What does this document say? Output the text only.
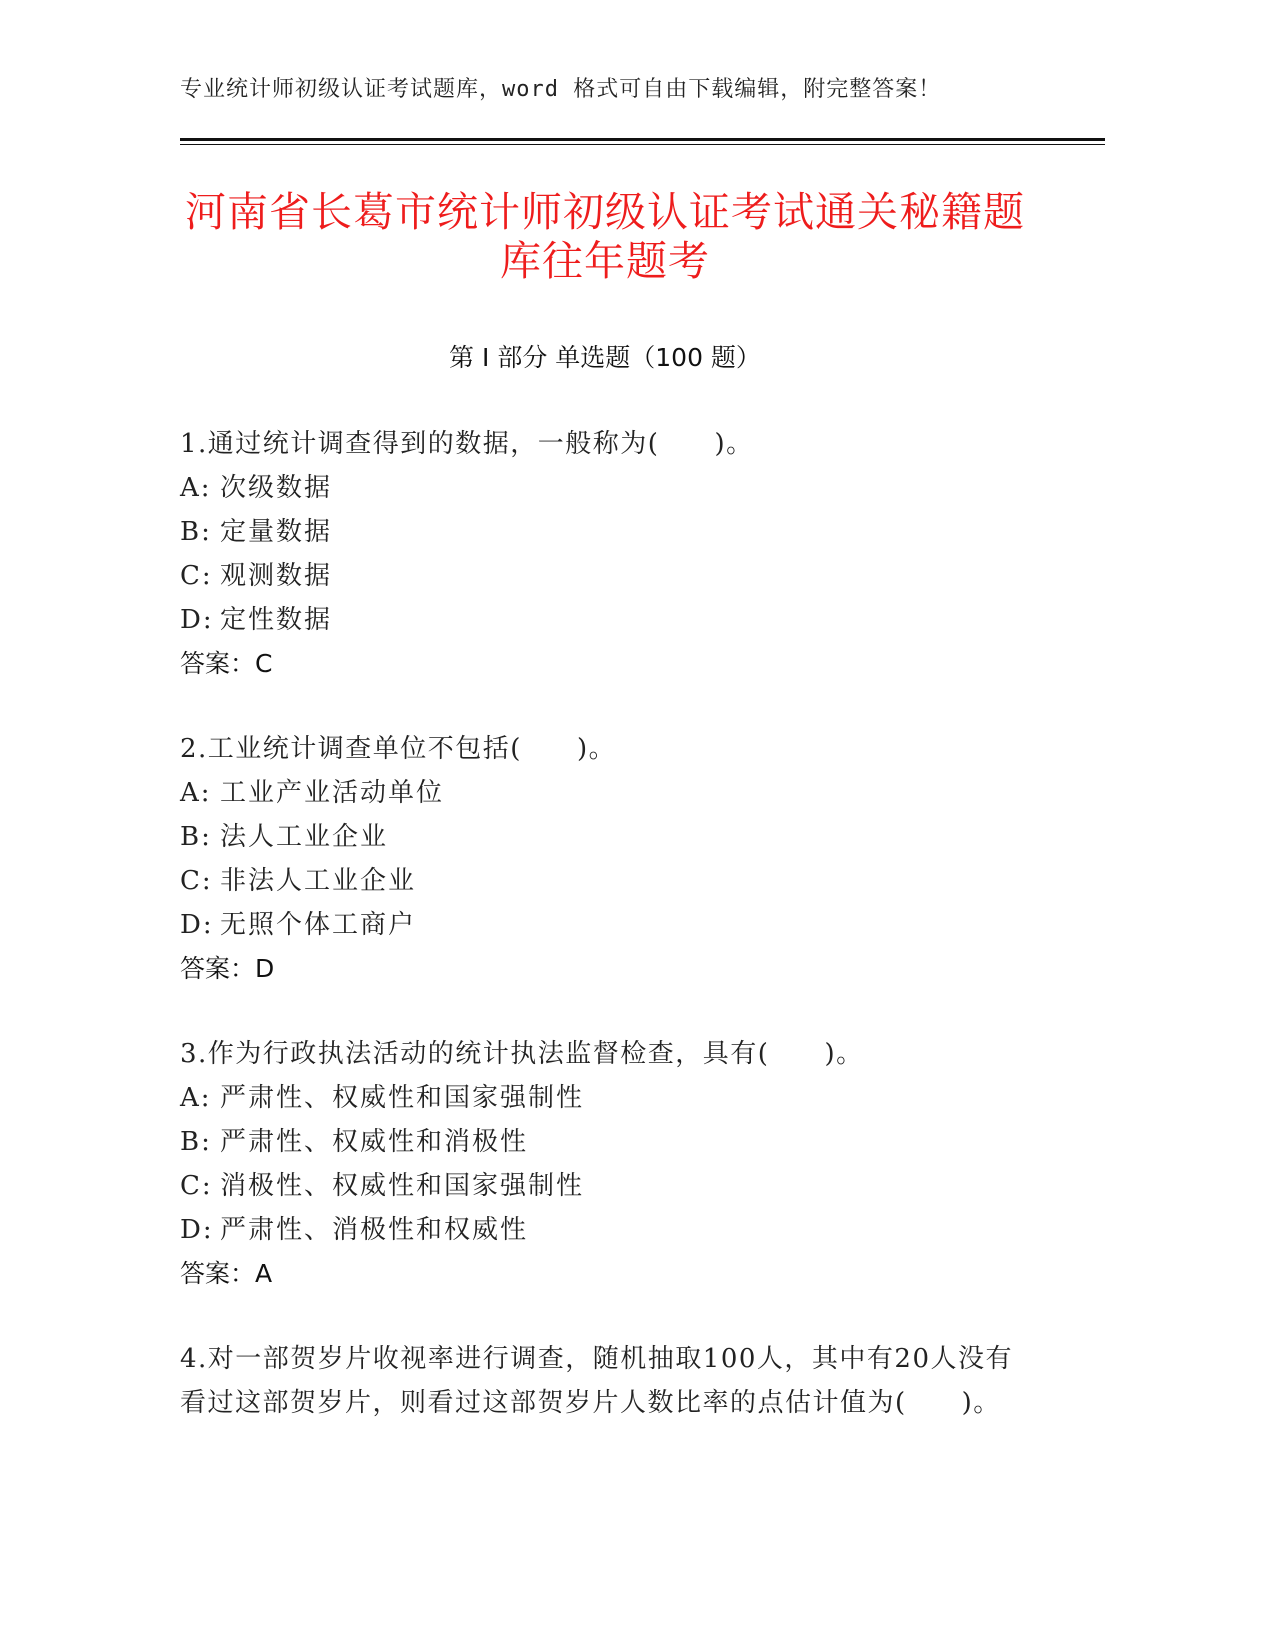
专业统计师初级认证考试题库，word 格式可自由下载编辑，附完整答案！
河南省长葛市统计师初级认证考试通关秘籍题库往年题考
第 I 部分 单选题（100 题）
1.通过统计调查得到的数据，一般称为(　　)。
A: 次级数据
B: 定量数据
C: 观测数据
D: 定性数据
答案：C
2.工业统计调查单位不包括(　　)。
A: 工业产业活动单位
B: 法人工业企业
C: 非法人工业企业
D: 无照个体工商户
答案：D
3.作为行政执法活动的统计执法监督检查，具有(　　)。
A: 严肃性、权威性和国家强制性
B: 严肃性、权威性和消极性
C: 消极性、权威性和国家强制性
D: 严肃性、消极性和权威性
答案：A
4.对一部贺岁片收视率进行调查，随机抽取100人，其中有20人没有看过这部贺岁片，则看过这部贺岁片人数比率的点估计值为(　　)。
